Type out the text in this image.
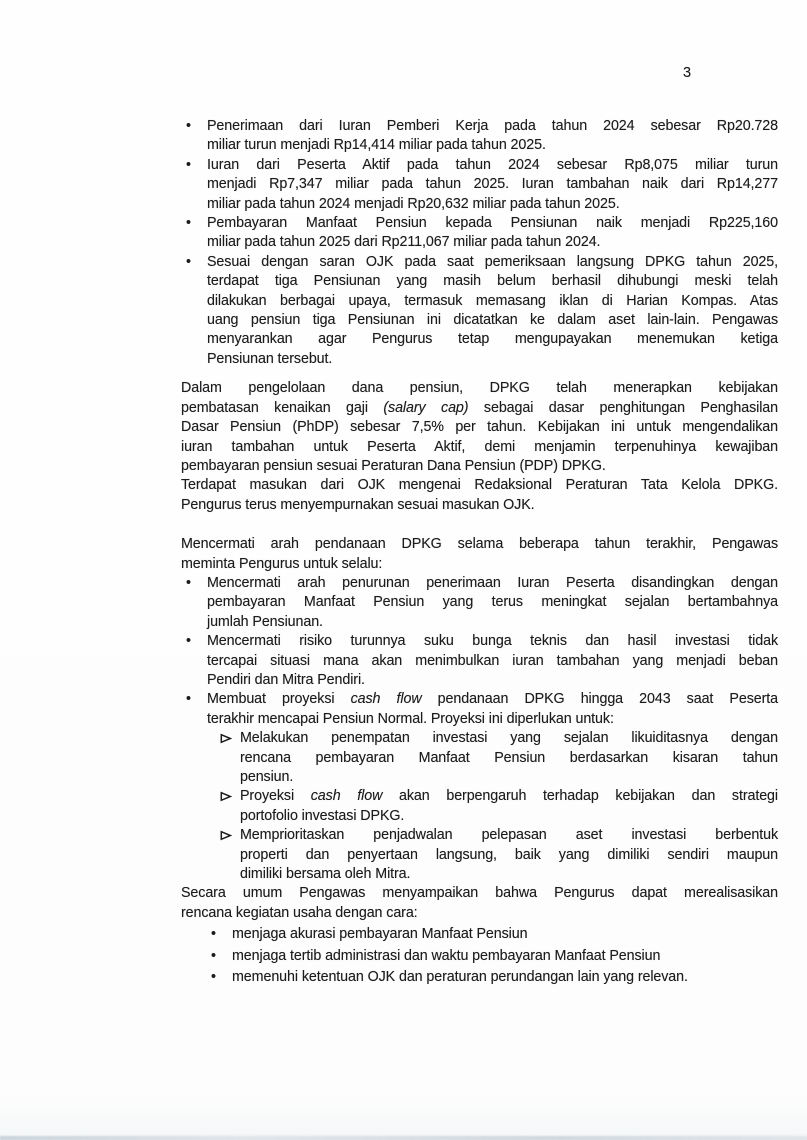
3
•	Penerimaan dari Iuran Pemberi Kerja pada tahun 2024 sebesar Rp20.728
miliar turun menjadi Rp14,414 miliar pada tahun 2025.
•	Iuran dari Peserta Aktif pada tahun 2024 sebesar Rp8,075 miliar turun
menjadi Rp7,347 miliar pada tahun 2025. Iuran tambahan naik dari Rp14,277
miliar pada tahun 2024 menjadi Rp20,632 miliar pada tahun 2025.
•	Pembayaran Manfaat Pensiun kepada Pensiunan naik menjadi Rp225,160
miliar pada tahun 2025 dari Rp211,067 miliar pada tahun 2024.
•	Sesuai dengan saran OJK pada saat pemeriksaan langsung DPKG tahun 2025,
terdapat tiga Pensiunan yang masih belum berhasil dihubungi meski telah
dilakukan berbagai upaya, termasuk memasang iklan di Harian Kompas. Atas
uang pensiun tiga Pensiunan ini dicatatkan ke dalam aset lain-lain. Pengawas
menyarankan agar Pengurus tetap mengupayakan menemukan ketiga
Pensiunan tersebut.

Dalam pengelolaan dana pensiun, DPKG telah menerapkan kebijakan
pembatasan kenaikan gaji (salary cap) sebagai dasar penghitungan Penghasilan
Dasar Pensiun (PhDP) sebesar 7,5% per tahun. Kebijakan ini untuk mengendalikan
iuran tambahan untuk Peserta Aktif, demi menjamin terpenuhinya kewajiban
pembayaran pensiun sesuai Peraturan Dana Pensiun (PDP) DPKG.

Terdapat masukan dari OJK mengenai Redaksional Peraturan Tata Kelola DPKG.
Pengurus terus menyempurnakan sesuai masukan OJK.

Mencermati arah pendanaan DPKG selama beberapa tahun terakhir, Pengawas
meminta Pengurus untuk selalu:

•	Mencermati arah penurunan penerimaan Iuran Peserta disandingkan dengan
pembayaran Manfaat Pensiun yang terus meningkat sejalan bertambahnya
jumlah Pensiunan.
•	Mencermati risiko turunnya suku bunga teknis dan hasil investasi tidak
tercapai situasi mana akan menimbulkan iuran tambahan yang menjadi beban
Pendiri dan Mitra Pendiri.
•	Membuat proyeksi cash flow pendanaan DPKG hingga 2043 saat Peserta
terakhir mencapai Pensiun Normal. Proyeksi ini diperlukan untuk:
Melakukan penempatan investasi yang sejalan likuiditasnya dengan
rencana pembayaran Manfaat Pensiun berdasarkan kisaran tahun
pensiun.
Proyeksi cash flow akan berpengaruh terhadap kebijakan dan strategi
portofolio investasi DPKG.
Memprioritaskan penjadwalan pelepasan aset investasi berbentuk
properti dan penyertaan langsung, baik yang dimiliki sendiri maupun
dimiliki bersama oleh Mitra.

Secara umum Pengawas menyampaikan bahwa Pengurus dapat merealisasikan
rencana kegiatan usaha dengan cara:

•	menjaga akurasi pembayaran Manfaat Pensiun
•	menjaga tertib administrasi dan waktu pembayaran Manfaat Pensiun
•	memenuhi ketentuan OJK dan peraturan perundangan lain yang relevan.
